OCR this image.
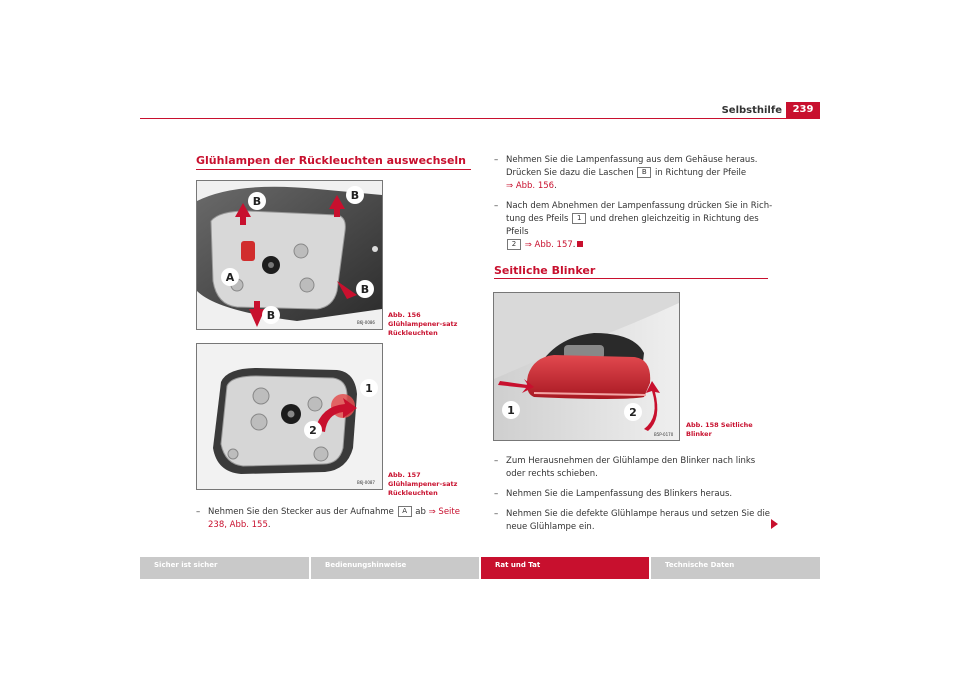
Selbsthilfe	239
Glühlampen der Rückleuchten auswechseln
B	B
A
B
B
B6J-0086
Abb. 156 Glühlampener-satz Rückleuchten
1
2
B6J-0087
Abb. 157 Glühlampener-satz Rückleuchten
– Nehmen Sie den Stecker aus der Aufnahme A ab ⇒ Seite 238, Abb. 155.
– Nehmen Sie die Lampenfassung aus dem Gehäuse heraus.
Drücken Sie dazu die Laschen B in Richtung der Pfeile
⇒ Abb. 156.
– Nach dem Abnehmen der Lampenfassung drücken Sie in Rich-
tung des Pfeils 1 und drehen gleichzeitig in Richtung des Pfeils
2 ⇒ Abb. 157.
Seitliche Blinker
1	2
B5P-0170
Abb. 158 Seitliche Blinker
– Zum Herausnehmen der Glühlampe den Blinker nach links oder rechts schieben.
– Nehmen Sie die Lampenfassung des Blinkers heraus.
– Nehmen Sie die defekte Glühlampe heraus und setzen Sie die neue Glühlampe ein.
Sicher ist sicher	Bedienungshinweise	Rat und Tat	Technische Daten
